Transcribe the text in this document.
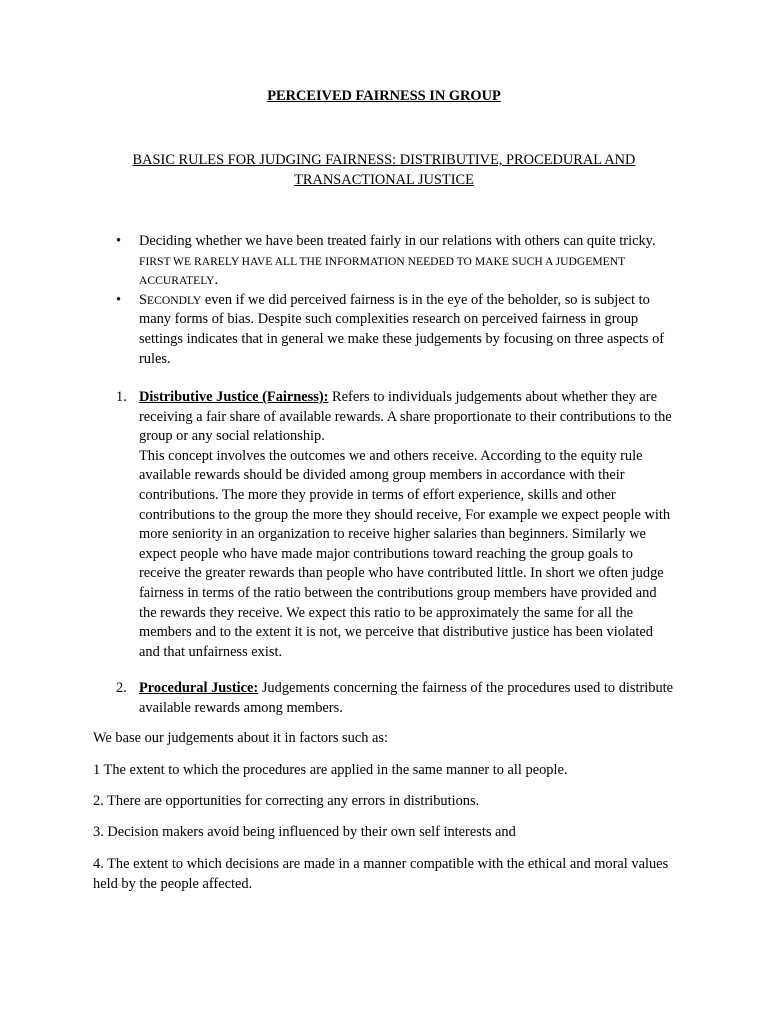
PERCEIVED FAIRNESS IN GROUP
BASIC RULES FOR JUDGING FAIRNESS: DISTRIBUTIVE, PROCEDURAL AND TRANSACTIONAL JUSTICE
• Deciding whether we have been treated fairly in our relations with others can quite tricky. FIRST WE RARELY HAVE ALL THE INFORMATION NEEDED TO MAKE SUCH A JUDGEMENT ACCURATELY.
• SECONDLY even if we did perceived fairness is in the eye of the beholder, so is subject to many forms of bias. Despite such complexities research on perceived fairness in group settings indicates that in general we make these judgements by focusing on three aspects of rules.
1. Distributive Justice (Fairness): Refers to individuals judgements about whether they are receiving a fair share of available rewards. A share proportionate to their contributions to the group or any social relationship.
This concept involves the outcomes we and others receive. According to the equity rule available rewards should be divided among group members in accordance with their contributions. The more they provide in terms of effort experience, skills and other contributions to the group the more they should receive, For example we expect people with more seniority in an organization to receive higher salaries than beginners. Similarly we expect people who have made major contributions toward reaching the group goals to receive the greater rewards than people who have contributed little. In short we often judge fairness in terms of the ratio between the contributions group members have provided and the rewards they receive. We expect this ratio to be approximately the same for all the members and to the extent it is not, we perceive that distributive justice has been violated and that unfairness exist.
2. Procedural Justice: Judgements concerning the fairness of the procedures used to distribute available rewards among members.
We base our judgements about it in factors such as:
1 The extent to which the procedures are applied in the same manner to all people.
2. There are opportunities for correcting any errors in distributions.
3. Decision makers avoid being influenced by their own self interests and
4. The extent to which decisions are made in a manner compatible with the ethical and moral values held by the people affected.
